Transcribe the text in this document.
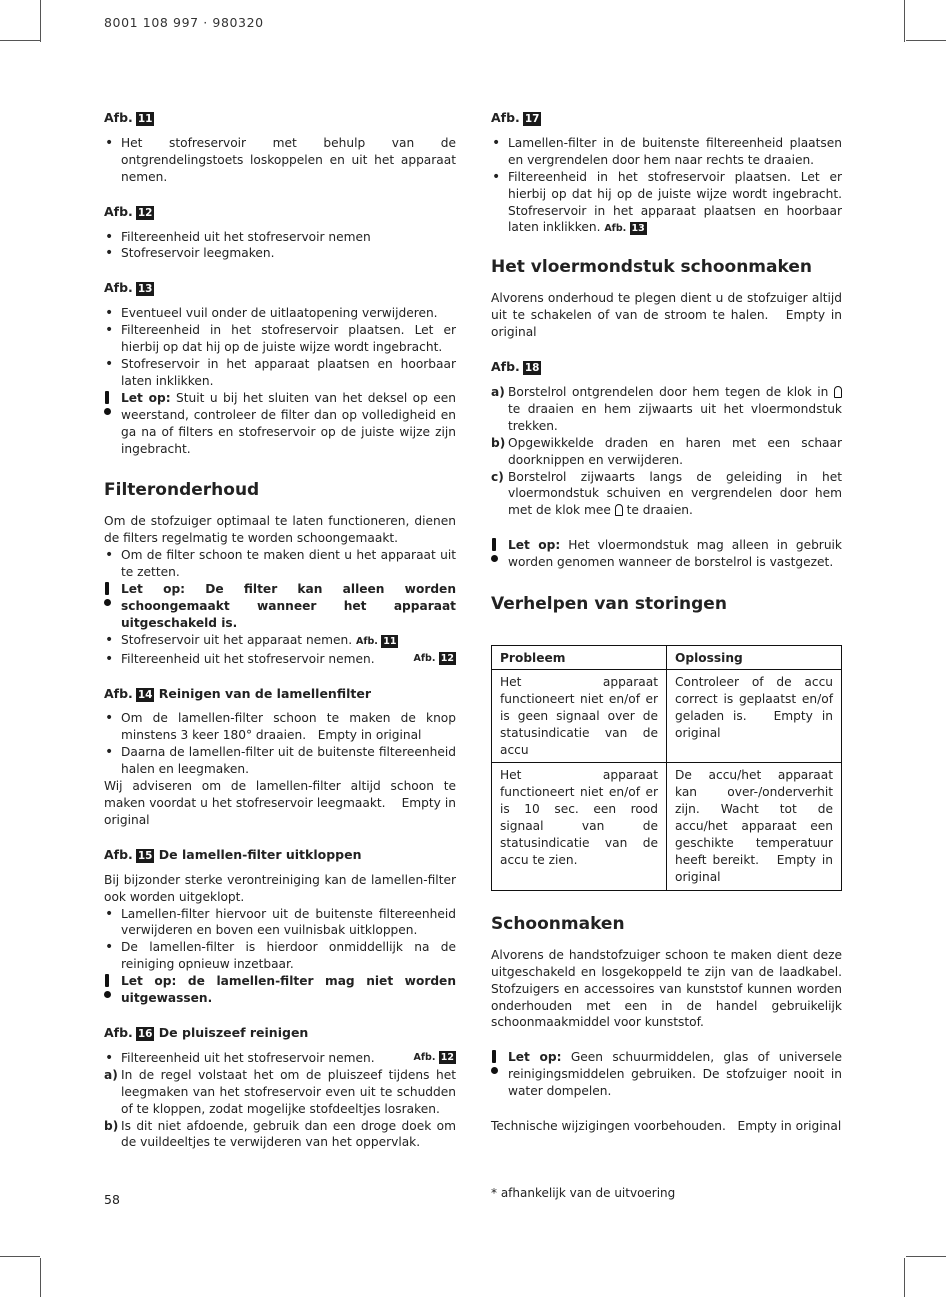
8001 108 997 · 980320
Afb. 11
• Het stofreservoir met behulp van de ontgrendelingstoets loskoppelen en uit het apparaat nemen.
Afb. 12
• Filtereenheid uit het stofreservoir nemen
• Stofreservoir leegmaken.
Afb. 13
• Eventueel vuil onder de uitlaatopening verwijderen.
• Filtereenheid in het stofreservoir plaatsen. Let er hierbij op dat hij op de juiste wijze wordt ingebracht.
• Stofreservoir in het apparaat plaatsen en hoorbaar laten inklikken.

Let op: Stuit u bij het sluiten van het deksel op een weerstand, controleer de filter dan op volledigheid en ga na of filters en stofreservoir op de juiste wijze zijn ingebracht.

Filteronderhoud

Om de stofzuiger optimaal te laten functioneren, dienen de filters regelmatig te worden schoongemaakt.

• Om de filter schoon te maken dient u het apparaat uit te zetten.

Let op: De filter kan alleen worden schoongemaakt wanneer het apparaat uitgeschakeld is.

• Stofreservoir uit het apparaat nemen. Afb. 11
• Filtereenheid uit het stofreservoir nemen.	Afb. 12
Afb. 14 Reinigen van de lamellenfilter
• Om de lamellen-filter schoon te maken de knop minstens 3 keer 180° draaien. Empty in original
• Daarna de lamellen-filter uit de buitenste filtereenheid halen en leegmaken.

Wij adviseren om de lamellen-filter altijd schoon te maken voordat u het stofreservoir leegmaakt. Empty in original

Afb. 15 De lamellen-filter uitkloppen

Bij bijzonder sterke verontreiniging kan de lamellen-filter ook worden uitgeklopt.

• Lamellen-filter hiervoor uit de buitenste filtereenheid verwijderen en boven een vuilnisbak uitkloppen.
• De lamellen-filter is hierdoor onmiddellijk na de reiniging opnieuw inzetbaar.

Let op: de lamellen-filter mag niet worden uitgewassen.

Afb. 16 De pluiszeef reinigen
• Filtereenheid uit het stofreservoir nemen.	Afb. 12
a) In de regel volstaat het om de pluiszeef tijdens het leegmaken van het stofreservoir even uit te schudden of te kloppen, zodat mogelijke stofdeeltjes losraken.
b) Is dit niet afdoende, gebruik dan een droge doek om de vuildeeltjes te verwijderen van het oppervlak.
Afb. 17
• Lamellen-filter in de buitenste filtereenheid plaatsen en vergrendelen door hem naar rechts te draaien.
• Filtereenheid in het stofreservoir plaatsen. Let er hierbij op dat hij op de juiste wijze wordt ingebracht. Stofreservoir in het apparaat plaatsen en hoorbaar laten inklikken. Afb. 13
Het vloermondstuk schoonmaken

Alvorens onderhoud te plegen dient u de stofzuiger altijd uit te schakelen of van de stroom te halen. Empty in original

Afb. 18
a) Borstelrol ontgrendelen door hem tegen de klok in  te draaien en hem zijwaarts uit het vloermondstuk trekken.
b) Opgewikkelde draden en haren met een schaar doorknippen en verwijderen.
c) Borstelrol zijwaarts langs de geleiding in het vloermondstuk schuiven en vergrendelen door hem met de klok mee  te draaien.

Let op: Het vloermondstuk mag alleen in gebruik worden genomen wanneer de borstelrol is vastgezet.

Verhelpen van storingen
Probleem	Oplossing
Het apparaat functioneert niet en/of er is geen signaal over de statusindicatie van de accu	Controleer of de accu correct is geplaatst en/of geladen is. Empty in original
Het apparaat functioneert niet en/of er is 10 sec. een rood signaal van de statusindicatie van de accu te zien.	De accu/het apparaat kan over-/onderverhit zijn. Wacht tot de accu/het apparaat een geschikte temperatuur heeft bereikt. Empty in original
Schoonmaken

Alvorens de handstofzuiger schoon te maken dient deze uitgeschakeld en losgekoppeld te zijn van de laadkabel. Stofzuigers en accessoires van kunststof kunnen worden onderhouden met een in de handel gebruikelijk schoonmaakmiddel voor kunststof.

Let op: Geen schuurmiddelen, glas of universele reinigingsmiddelen gebruiken. De stofzuiger nooit in water dompelen.

Technische wijzigingen voorbehouden. Empty in original

58	* afhankelijk van de uitvoering
